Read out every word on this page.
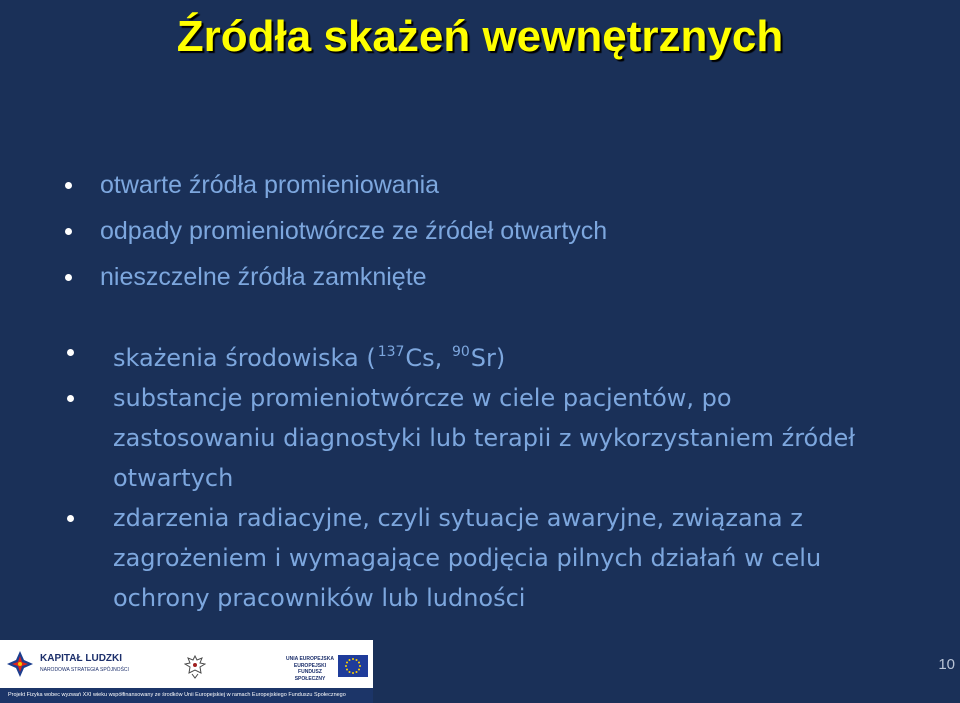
Źródła skażeń wewnętrznych
otwarte źródła promieniowania
odpady promieniotwórcze ze źródeł otwartych
nieszczelne źródła zamknięte
skażenia środowiska ( $^{137}$Cs, $^{90}$Sr)
substancje promieniotwórcze w ciele pacjentów, po
zastosowaniu diagnostyki lub terapii z wykorzystaniem źródeł
otwartych
zdarzenia radiacyjne, czyli sytuacje awaryjne, związana z
zagrożeniem i wymagające podjęcia pilnych działań w celu
ochrony pracowników lub ludności
KAPITAŁ LUDZKI
NARODOWA STRATEGIA SPÓJNOŚCI
UNIA EUROPEJSKA
EUROPEJSKI
FUNDUSZ SPOŁECZNY
Projekt Fizyka wobec wyzwań XXI wieku współfinansowany ze środków Unii Europejskiej w ramach Europejskiego Funduszu Społecznego
10
